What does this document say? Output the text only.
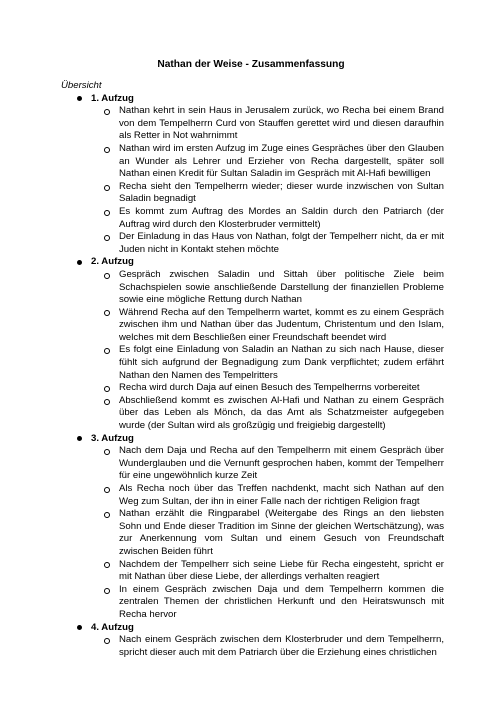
Nathan der Weise - Zusammenfassung
Übersicht
1. Aufzug
Nathan kehrt in sein Haus in Jerusalem zurück, wo Recha bei einem Brand von dem Tempelherrn Curd von Stauffen gerettet wird und diesen daraufhin als Retter in Not wahrnimmt
Nathan wird im ersten Aufzug im Zuge eines Gespräches über den Glauben an Wunder als Lehrer und Erzieher von Recha dargestellt, später soll Nathan einen Kredit für Sultan Saladin im Gespräch mit Al-Hafi bewilligen
Recha sieht den Tempelherrn wieder; dieser wurde inzwischen von Sultan Saladin begnadigt
Es kommt zum Auftrag des Mordes an Saldin durch den Patriarch (der Auftrag wird durch den Klosterbruder vermittelt)
Der Einladung in das Haus von Nathan, folgt der Tempelherr nicht, da er mit Juden nicht in Kontakt stehen möchte
2. Aufzug
Gespräch zwischen Saladin und Sittah über politische Ziele beim Schachspielen sowie anschließende Darstellung der finanziellen Probleme sowie eine mögliche Rettung durch Nathan
Während Recha auf den Tempelherrn wartet, kommt es zu einem Gespräch zwischen ihm und Nathan über das Judentum, Christentum und den Islam, welches mit dem Beschließen einer Freundschaft beendet wird
Es folgt eine Einladung von Saladin an Nathan zu sich nach Hause, dieser fühlt sich aufgrund der Begnadigung zum Dank verpflichtet; zudem erfährt Nathan den Namen des Tempelritters
Recha wird durch Daja auf einen Besuch des Tempelherrns vorbereitet
Abschließend kommt es zwischen Al-Hafi und Nathan zu einem Gespräch über das Leben als Mönch, da das Amt als Schatzmeister aufgegeben wurde (der Sultan wird als großzügig und freigiebig dargestellt)
3. Aufzug
Nach dem Daja und Recha auf den Tempelherrn mit einem Gespräch über Wunderglauben und die Vernunft gesprochen haben, kommt der Tempelherr für eine ungewöhnlich kurze Zeit
Als Recha noch über das Treffen nachdenkt, macht sich Nathan auf den Weg zum Sultan, der ihn in einer Falle nach der richtigen Religion fragt
Nathan erzählt die Ringparabel (Weitergabe des Rings an den liebsten Sohn und Ende dieser Tradition im Sinne der gleichen Wertschätzung), was zur Anerkennung vom Sultan und einem Gesuch von Freundschaft zwischen Beiden führt
Nachdem der Tempelherr sich seine Liebe für Recha eingesteht, spricht er mit Nathan über diese Liebe, der allerdings verhalten reagiert
In einem Gespräch zwischen Daja und dem Tempelherrn kommen die zentralen Themen der christlichen Herkunft und den Heiratswunsch mit Recha hervor
4. Aufzug
Nach einem Gespräch zwischen dem Klosterbruder und dem Tempelherrn, spricht dieser auch mit dem Patriarch über die Erziehung eines christlichen
